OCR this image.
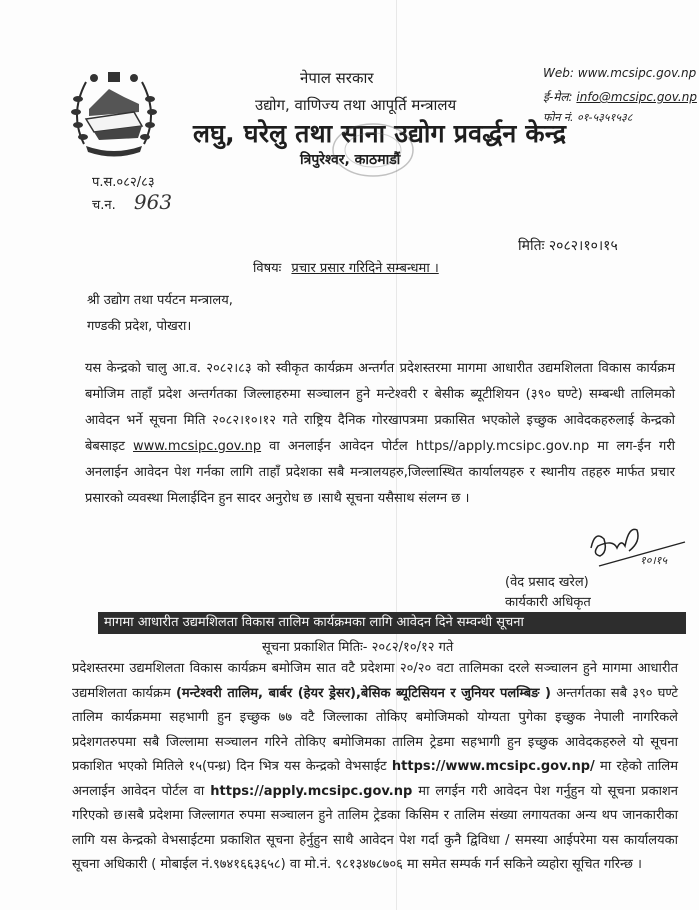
नेपाल सरकार
उद्योग, वाणिज्य तथा आपूर्ति मन्त्रालय
लघु, घरेलु तथा साना उद्योग प्रवर्द्धन केन्द्र
त्रिपुरेश्वर, काठमाडौं
Web: www.mcsipc.gov.np
ई-मेल: info@mcsipc.gov.np
फोन नं. ०१-५३५१५३८
प.स.०८२/८३
च.न. 963
मितिः २०८२।१०।१५
विषयः प्रचार प्रसार गरिदिने सम्बन्धमा ।
श्री उद्योग तथा पर्यटन मन्त्रालय,
गण्डकी प्रदेश, पोखरा।
यस केन्द्रको चालु आ.व. २०८२।८३ को स्वीकृत कार्यक्रम अन्तर्गत प्रदेशस्तरमा मागमा आधारीत उद्यमशिलता विकास कार्यक्रम बमोजिम ताहाँ प्रदेश अन्तर्गतका जिल्लाहरुमा सञ्चालन हुने मन्टेश्वरी र बेसीक ब्यूटीशियन (३९० घण्टे) सम्बन्धी तालिमको आवेदन भर्ने सूचना मिति २०८२।१०।१२ गते राष्ट्रिय दैनिक गोरखापत्रमा प्रकासित भएकोले इच्छुक आवेदकहरुलाई केन्द्रको बेबसाइट www.mcsipc.gov.np वा अनलाईन आवेदन पोर्टल https//apply.mcsipc.gov.np मा लग-ईन गरी अनलाईन आवेदन पेश गर्नका लागि ताहाँ प्रदेशका सबै मन्त्रालयहरु,जिल्लास्थित कार्यालयहरु र स्थानीय तहहरु मार्फत प्रचार प्रसारको व्यवस्था मिलाईदिन हुन सादर अनुरोध छ ।साथै सूचना यसैसाथ संलग्न छ ।
१०।१५
(वेद प्रसाद खरेल)
कार्यकारी अधिकृत
मागमा आधारीत उद्यमशिलता विकास तालिम कार्यक्रमका लागि आवेदन दिने सम्वन्धी सूचना
सूचना प्रकाशित मितिः- २०८२/१०/१२ गते
प्रदेशस्तरमा उद्यमशिलता विकास कार्यक्रम बमोजिम सात वटै प्रदेशमा २०/२० वटा तालिमका दरले सञ्चालन हुने मागमा आधारीत उद्यमशिलता कार्यक्रम (मन्टेश्वरी तालिम, बार्बर (हेयर ड्रेसर),बेसिक ब्यूटिसियन र जुनियर पलम्बिङ ) अन्तर्गतका सबै ३९० घण्टे तालिम कार्यक्रममा सहभागी हुन इच्छुक ७७ वटै जिल्लाका तोकिए बमोजिमको योग्यता पुगेका इच्छुक नेपाली नागरिकले प्रदेशगतरुपमा सबै जिल्लामा सञ्चालन गरिने तोकिए बमोजिमका तालिम ट्रेडमा सहभागी हुन इच्छुक आवेदकहरुले यो सूचना प्रकाशित भएको मितिले १५(पन्ध्र) दिन भित्र यस केन्द्रको वेभसाईट https://www.mcsipc.gov.np/ मा रहेको तालिम अनलाईन आवेदन पोर्टल वा https://apply.mcsipc.gov.np मा लगईन गरी आवेदन पेश गर्नुहुन यो सूचना प्रकाशन गरिएको छ।सबै प्रदेशमा जिल्लागत रुपमा सञ्चालन हुने तालिम ट्रेडका किसिम र तालिम संख्या लगायतका अन्य थप जानकारीका लागि यस केन्द्रको वेभसाईटमा प्रकाशित सूचना हेर्नुहुन साथै आवेदन पेश गर्दा कुनै द्विविधा / समस्या आईपरेमा यस कार्यालयका सूचना अधिकारी ( मोबाईल नं.९७४१६६३६५८) वा मो.नं. ९८१३४७८७०६ मा समेत सम्पर्क गर्न सकिने व्यहोरा सूचित गरिन्छ ।
